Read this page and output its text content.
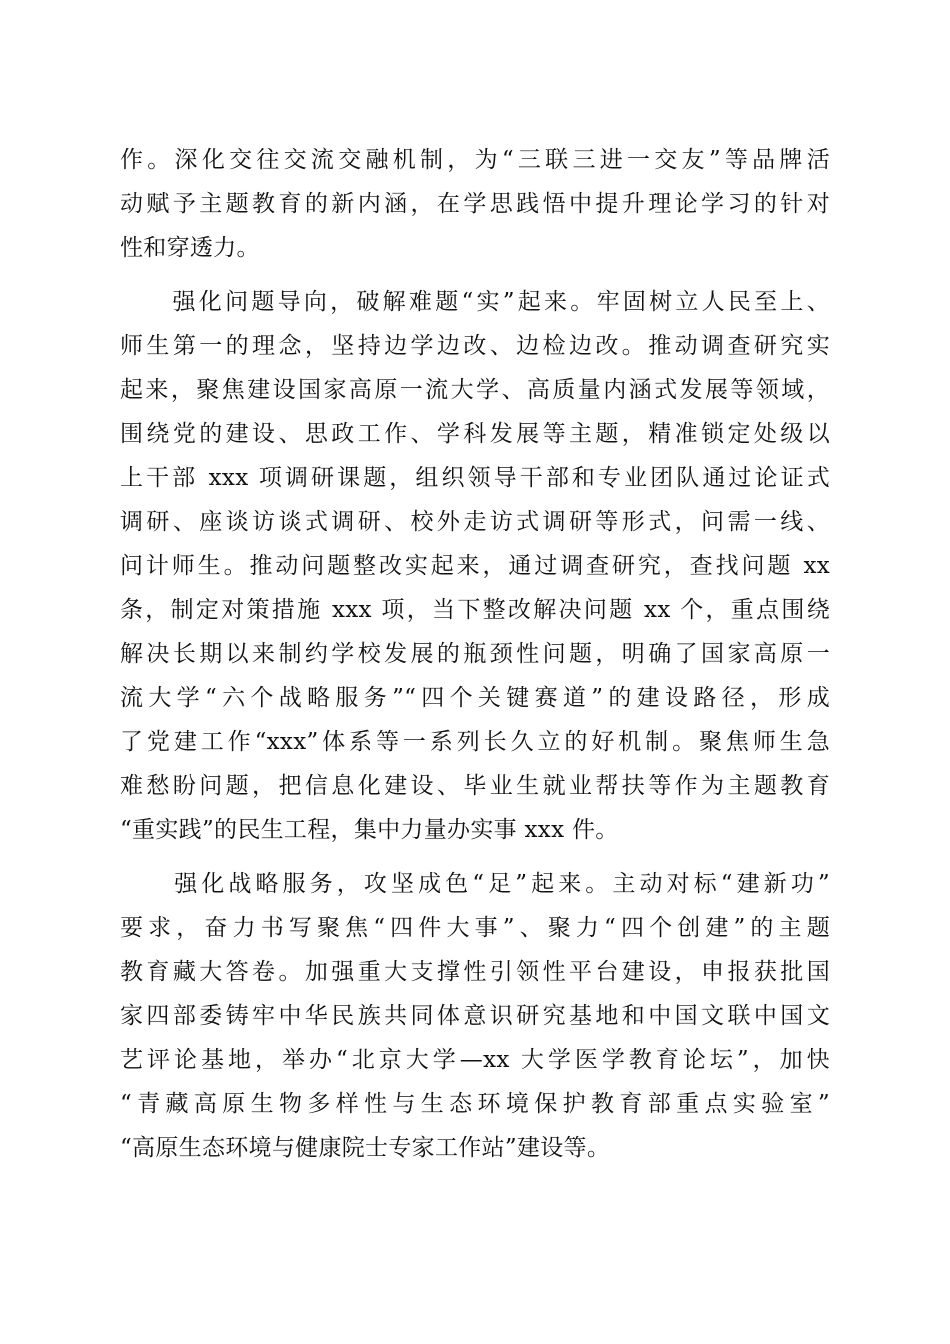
作。深化交往交流交融机制，为“三联三进一交友”等品牌活
动赋予主题教育的新内涵，在学思践悟中提升理论学习的针对
性和穿透力。
　　强化问题导向，破解难题“实”起来。牢固树立人民至上、
师生第一的理念，坚持边学边改、边检边改。推动调查研究实
起来，聚焦建设国家高原一流大学、高质量内涵式发展等领域，
围绕党的建设、思政工作、学科发展等主题，精准锁定处级以
上干部 xxx 项调研课题，组织领导干部和专业团队通过论证式
调研、座谈访谈式调研、校外走访式调研等形式，问需一线、
问计师生。推动问题整改实起来，通过调查研究，查找问题 xx
条，制定对策措施 xxx 项，当下整改解决问题 xx 个，重点围绕
解决长期以来制约学校发展的瓶颈性问题，明确了国家高原一
流大学“六个战略服务”“四个关键赛道”的建设路径，形成
了党建工作“xxx”体系等一系列长久立的好机制。聚焦师生急
难愁盼问题，把信息化建设、毕业生就业帮扶等作为主题教育
“重实践”的民生工程，集中力量办实事 xxx 件。
　　强化战略服务，攻坚成色“足”起来。主动对标“建新功”
要求，奋力书写聚焦“四件大事”、聚力“四个创建”的主题
教育藏大答卷。加强重大支撑性引领性平台建设，申报获批国
家四部委铸牢中华民族共同体意识研究基地和中国文联中国文
艺评论基地，举办“北京大学—xx 大学医学教育论坛”，加快
“青藏高原生物多样性与生态环境保护教育部重点实验室”
“高原生态环境与健康院士专家工作站”建设等。
